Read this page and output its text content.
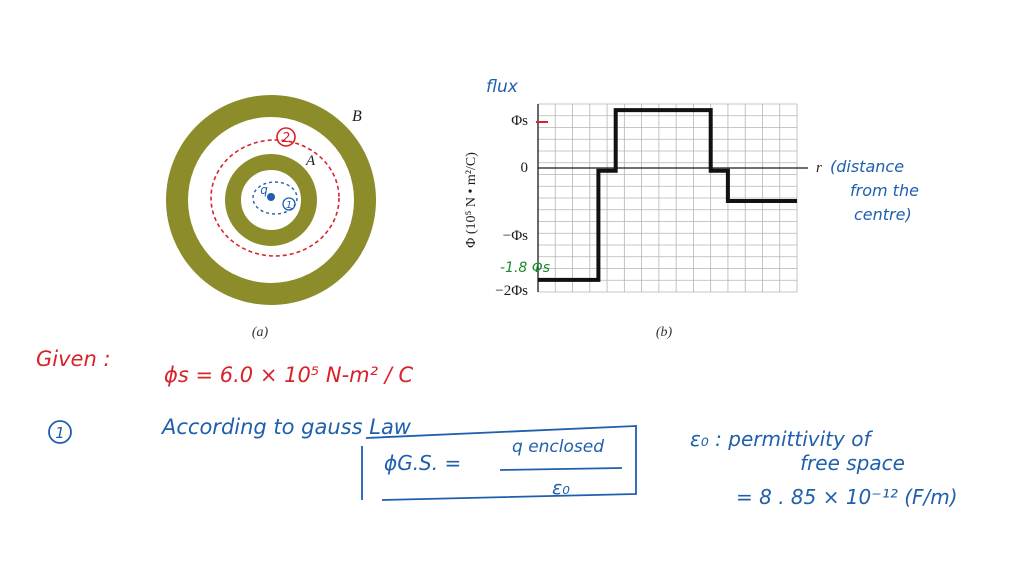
2
1
q
B
A
(a)
r
flux
Φs
0
−Φs
−2Φs
-1.8 Φs
Φ (10⁵ N • m²/C)	(distance
from the
centre)
(b)
Given :
ϕs = 6.0 × 10⁵ N-m² / C
1	According to gauss Law
ϕG.S. =
q enclosed
ε₀
ε₀ : permittivity of
free space
= 8 . 85 × 10⁻¹² (F/m)
